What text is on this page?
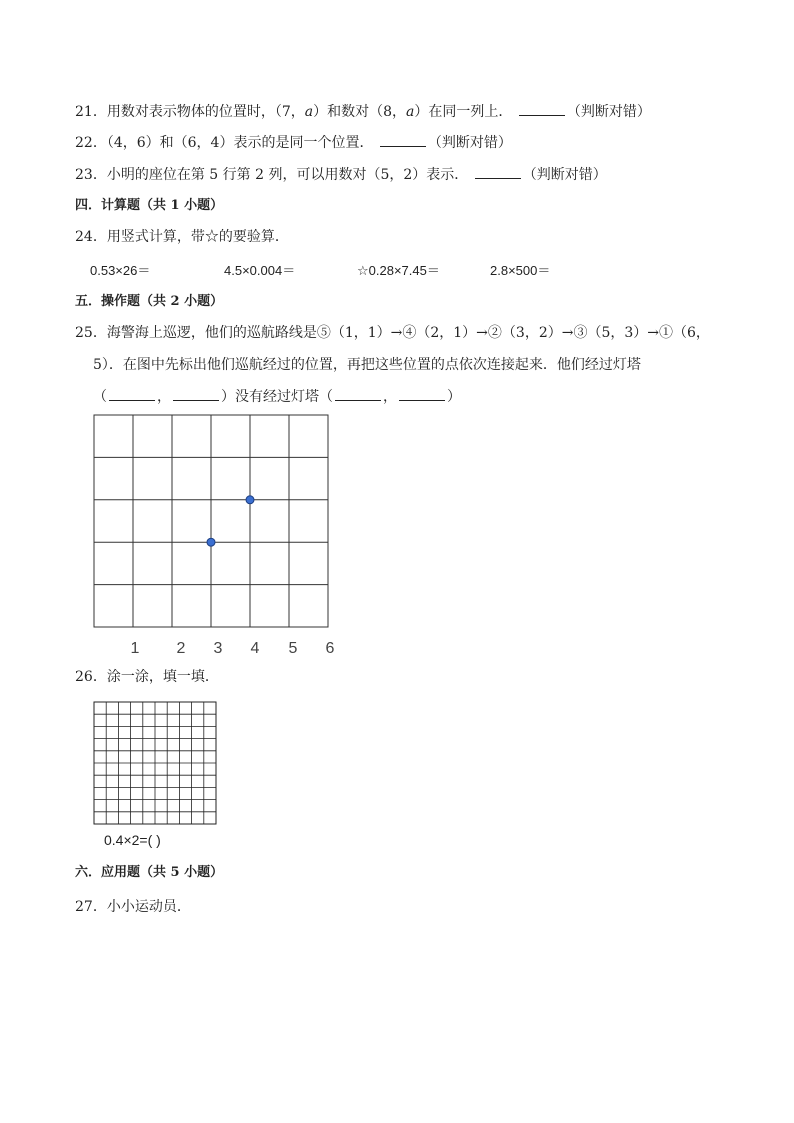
21．用数对表示物体的位置时，（7，a）和数对（8，a）在同一列上．	（判断对错）
22．（4，6）和（6，4）表示的是同一个位置．	（判断对错）
23．小明的座位在第 5 行第 2 列，可以用数对（5，2）表示．	（判断对错）
四．计算题（共 1 小题）
24．用竖式计算，带☆的要验算．
0.53×26＝	4.5×0.004＝	☆0.28×7.45＝	2.8×500＝
五．操作题（共 2 小题）
25．海警海上巡逻，他们的巡航路线是⑤（1，1）→④（2，1）→②（3，2）→③（5，3）→①（6，
5）．在图中先标出他们巡航经过的位置，再把这些位置的点依次连接起来．他们经过灯塔
（	，	）没有经过灯塔（	，	）
1	2	3	4	5	6
26．涂一涂，填一填．
0.4×2=( )
六．应用题（共 5 小题）
27．小小运动员．
